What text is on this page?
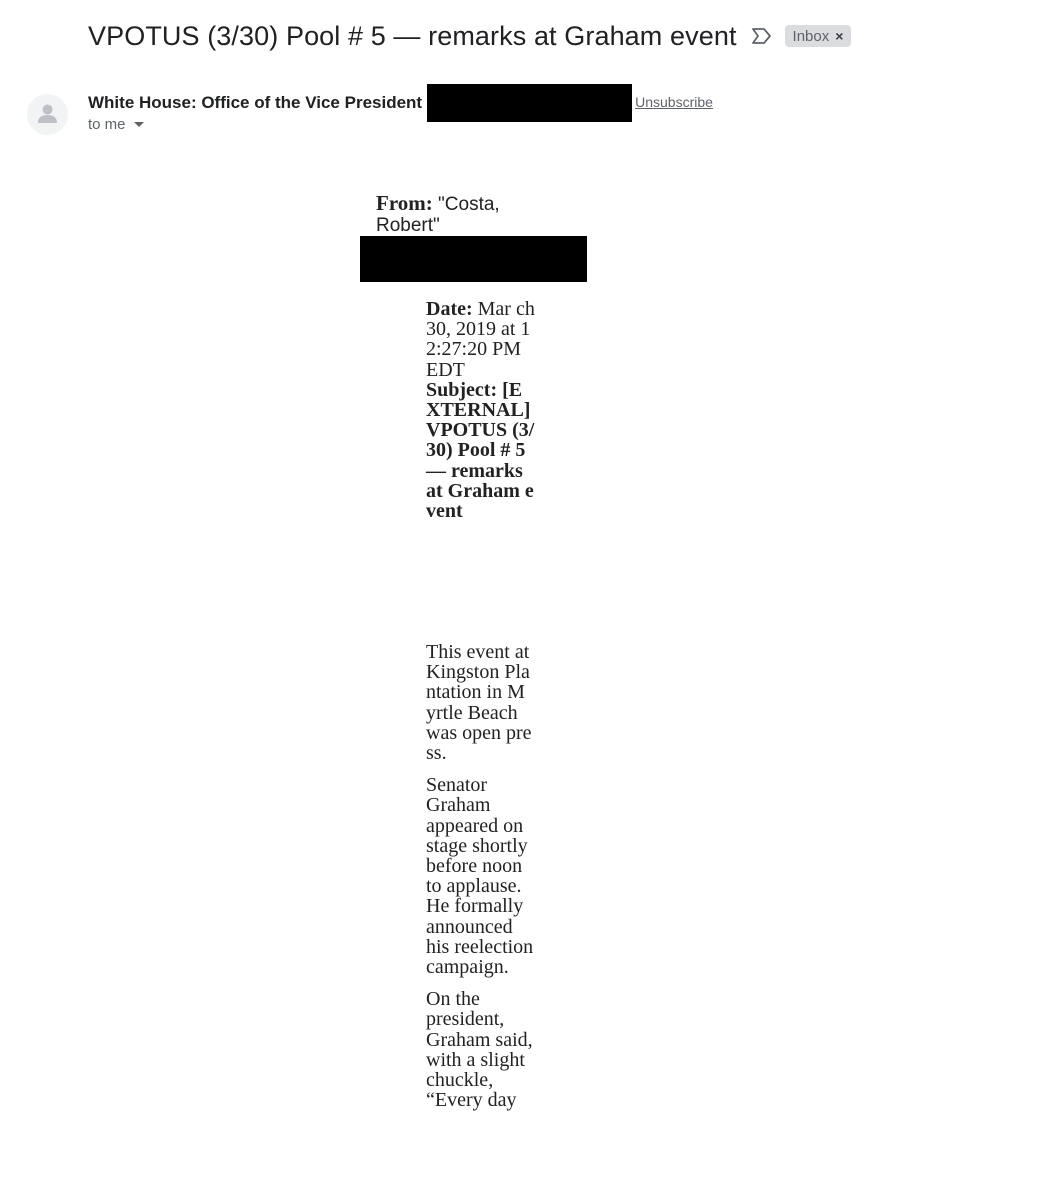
VPOTUS (3/30) Pool # 5 — remarks at Graham event	Inbox ×
White House: Office of the Vice President	Unsubscribe
to me
From: "Costa, Robert"
Date: Mar ch 30, 2019 at 12:27:20 PM EDT
Subject: [EXTERNAL] VPOTUS (3/30) Pool # 5 — remarks at Graham event

This event at Kingston Plantation in Myrtle Beach was open press.

Senator Graham appeared on stage shortly before noon to applause. He formally announced his reelection campaign.

On the president, Graham said, with a slight chuckle, “Every day
